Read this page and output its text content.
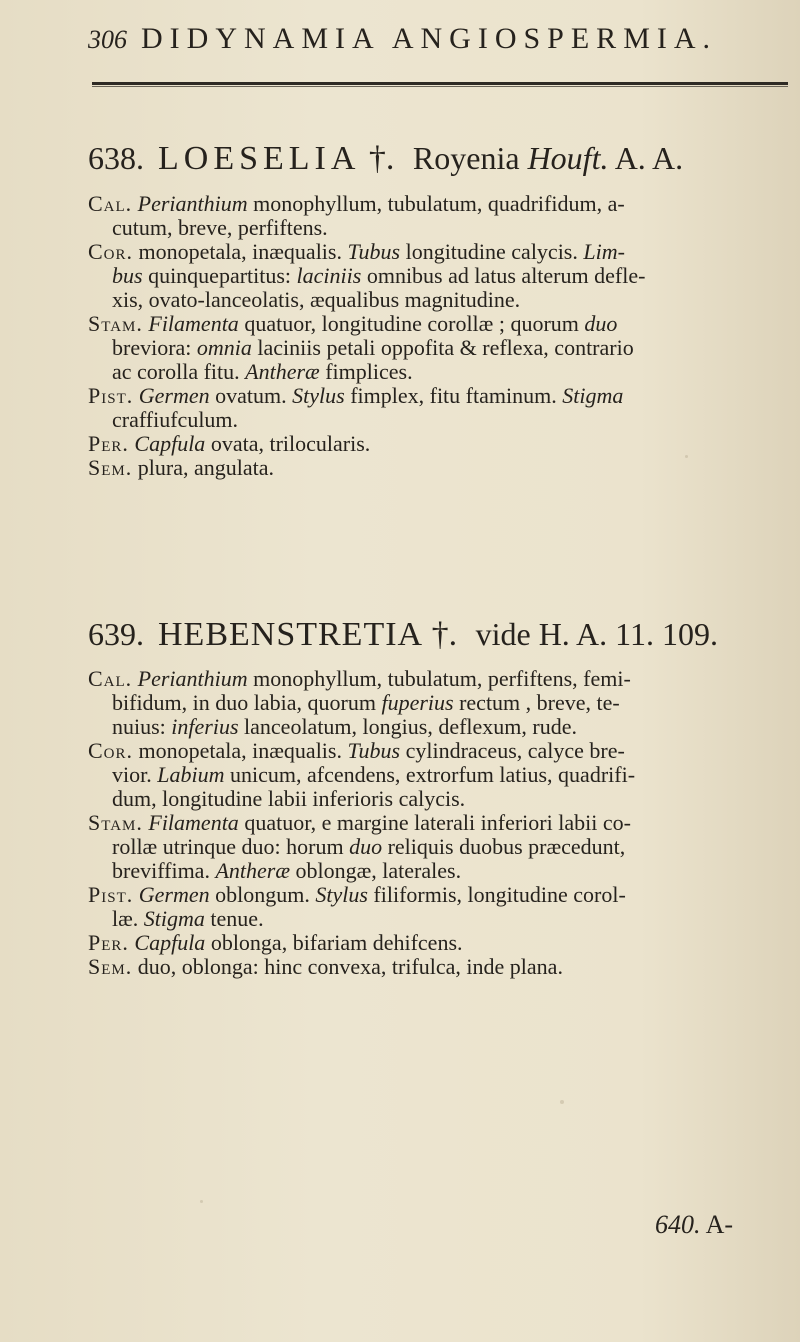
306 DIDYNAMIA ANGIOSPERMIA.
638. LOESELIA †. Royenia Houft. A. A.
Cal. Perianthium monophyllum, tubulatum, quadrifidum, a-
cutum, breve, perfiftens.
Cor. monopetala, inæqualis. Tubus longitudine calycis. Lim-
bus quinquepartitus: laciniis omnibus ad latus alterum defle-
xis, ovato-lanceolatis, æqualibus magnitudine.
Stam. Filamenta quatuor, longitudine corollæ ; quorum duo
breviora: omnia laciniis petali oppofita & reflexa, contrario
ac corolla fitu. Antheræ fimplices.
Pist. Germen ovatum. Stylus fimplex, fitu ftaminum. Stigma
craffiufculum.
Per. Capfula ovata, trilocularis.
Sem. plura, angulata.
639. HEBENSTRETIA †. vide H. A. 11. 109.
Cal. Perianthium monophyllum, tubulatum, perfiftens, femi-
bifidum, in duo labia, quorum fuperius rectum , breve, te-
nuius: inferius lanceolatum, longius, deflexum, rude.
Cor. monopetala, inæqualis. Tubus cylindraceus, calyce bre-
vior. Labium unicum, afcendens, extrorfum latius, quadrifi-
dum, longitudine labii inferioris calycis.
Stam. Filamenta quatuor, e margine laterali inferiori labii co-
rollæ utrinque duo: horum duo reliquis duobus præcedunt,
breviffima. Antheræ oblongæ, laterales.
Pist. Germen oblongum. Stylus filiformis, longitudine corol-
læ. Stigma tenue.
Per. Capfula oblonga, bifariam dehifcens.
Sem. duo, oblonga: hinc convexa, trifulca, inde plana.
640. A-
